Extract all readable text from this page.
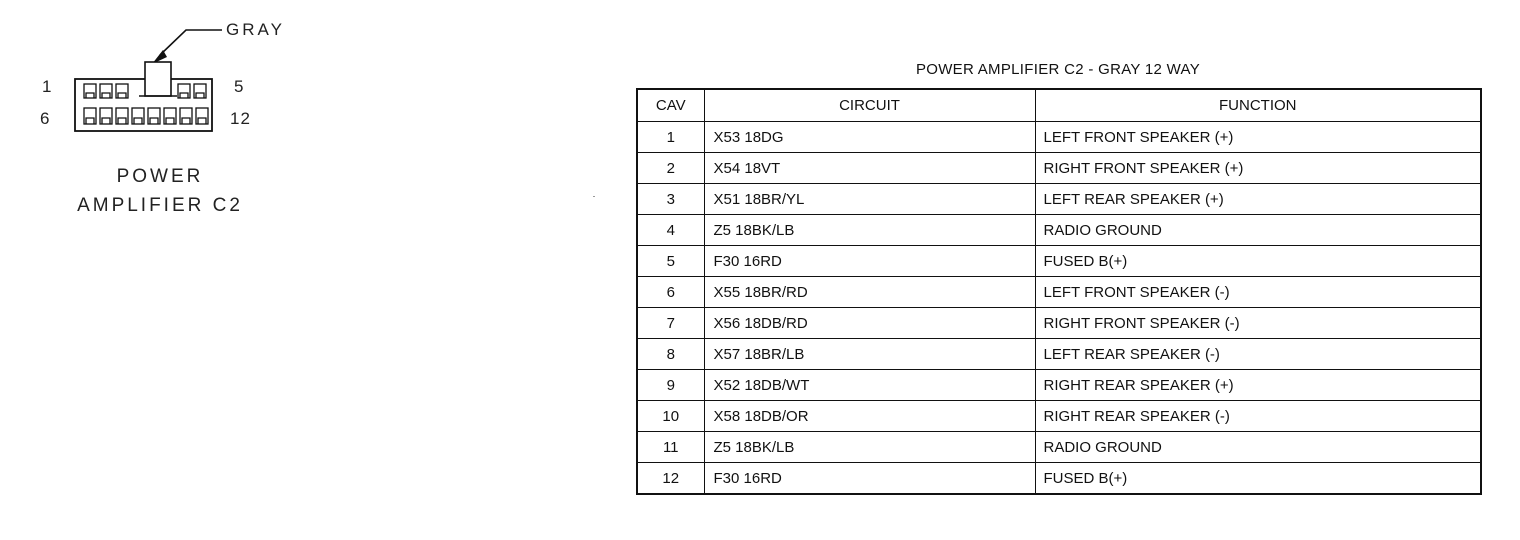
GRAY
1	5
6	12
POWER
AMPLIFIER C2
POWER AMPLIFIER C2 - GRAY 12 WAY
CAV	CIRCUIT	FUNCTION
1	X53 18DG	LEFT FRONT SPEAKER (+)
2	X54 18VT	RIGHT FRONT SPEAKER (+)
3	X51 18BR/YL	LEFT REAR SPEAKER (+)
4	Z5 18BK/LB	RADIO GROUND
5	F30 16RD	FUSED B(+)
6	X55 18BR/RD	LEFT FRONT SPEAKER (-)
7	X56 18DB/RD	RIGHT FRONT SPEAKER (-)
8	X57 18BR/LB	LEFT REAR SPEAKER (-)
9	X52 18DB/WT	RIGHT REAR SPEAKER (+)
10	X58 18DB/OR	RIGHT REAR SPEAKER (-)
11	Z5 18BK/LB	RADIO GROUND
12	F30 16RD	FUSED B(+)
